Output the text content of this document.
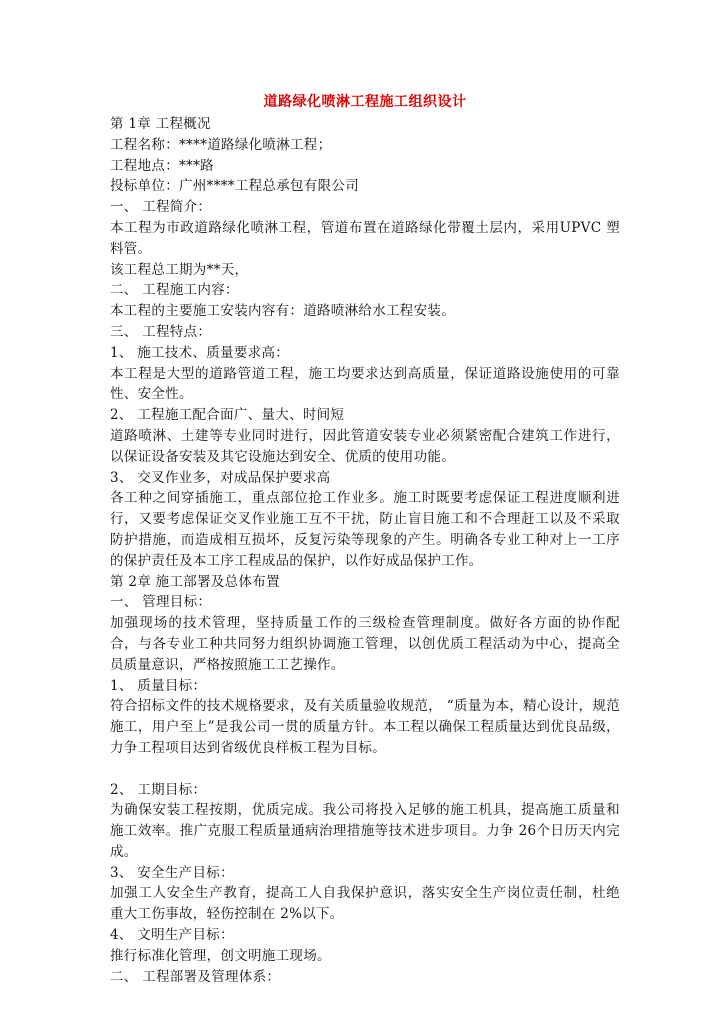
道路绿化喷淋工程施工组织设计

第 1章 工程概况

工程名称：****道路绿化喷淋工程；

工程地点：***路

投标单位：广州****工程总承包有限公司

一、 工程简介：

本工程为市政道路绿化喷淋工程，管道布置在道路绿化带覆土层内，采用UPVC 塑料管。

该工程总工期为**天，

二、 工程施工内容：

本工程的主要施工安装内容有：道路喷淋给水工程安装。

三、 工程特点：

1、 施工技术、质量要求高：

本工程是大型的道路管道工程，施工均要求达到高质量，保证道路设施使用的可靠性、安全性。

2、 工程施工配合面广、量大、时间短

道路喷淋、土建等专业同时进行，因此管道安装专业必须紧密配合建筑工作进行，以保证设备安装及其它设施达到安全、优质的使用功能。

3、 交叉作业多，对成品保护要求高

各工种之间穿插施工，重点部位抢工作业多。施工时既要考虑保证工程进度顺利进行，又要考虑保证交叉作业施工互不干扰，防止盲目施工和不合理赶工以及不采取防护措施，而造成相互损坏，反复污染等现象的产生。明确各专业工种对上一工序的保护责任及本工序工程成品的保护，以作好成品保护工作。

第 2章 施工部署及总体布置

一、 管理目标：

加强现场的技术管理，坚持质量工作的三级检查管理制度。做好各方面的协作配合，与各专业工种共同努力组织协调施工管理，以创优质工程活动为中心，提高全员质量意识，严格按照施工工艺操作。

1、 质量目标：

符合招标文件的技术规格要求，及有关质量验收规范， “质量为本，精心设计，规范施工，用户至上”是我公司一贯的质量方针。本工程以确保工程质量达到优良品级，力争工程项目达到省级优良样板工程为目标。

2、 工期目标：

为确保安装工程按期，优质完成。我公司将投入足够的施工机具，提高施工质量和施工效率。推广克服工程质量通病治理措施等技术进步项目。力争 26个日历天内完成。

3、 安全生产目标：

加强工人安全生产教育，提高工人自我保护意识，落实安全生产岗位责任制，杜绝重大工伤事故，轻伤控制在 2%以下。

4、 文明生产目标：

推行标准化管理，创文明施工现场。

二、 工程部署及管理体系：
